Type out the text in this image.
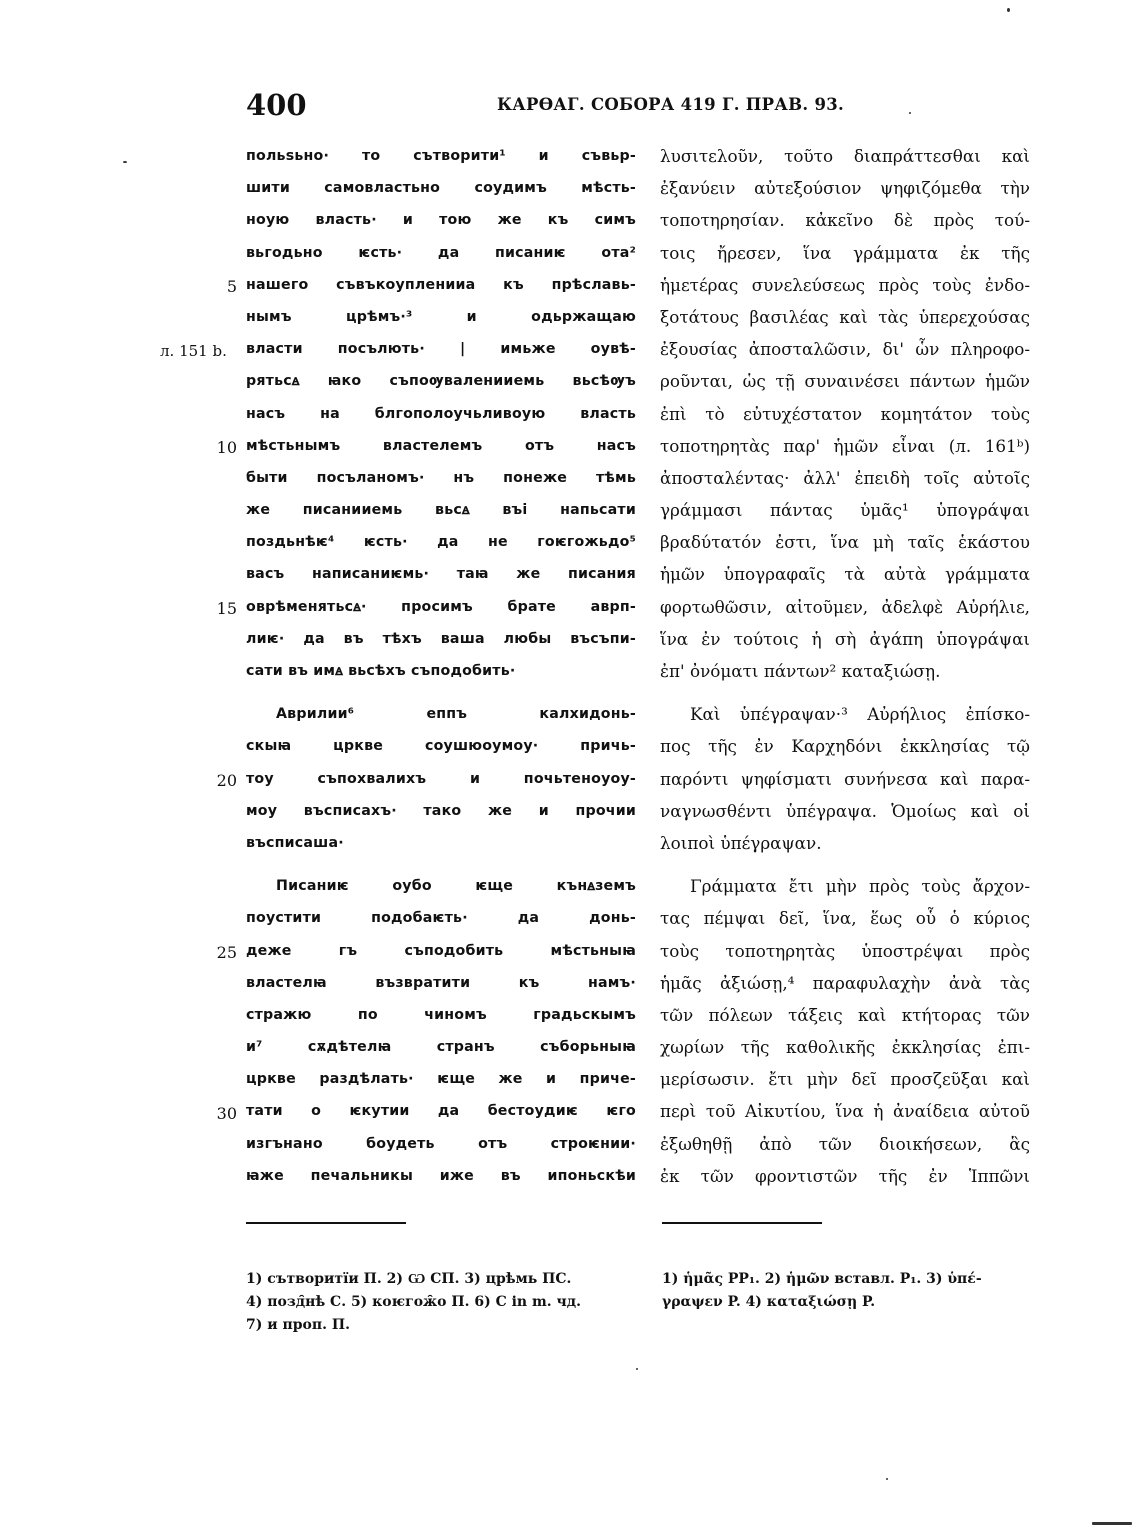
400	КАРѲАГ. СОБОРА 419 Г. ПРАВ. 93.
польѕьно· то сътворити¹ и съвьр-
шити самовластьно соудимъ мѣсть-
ноую власть· и тою же къ симъ
вьгодьно ѥсть· да писаниѥ ота²
нашего съвъкоупленииа къ прѣславь-
нымъ црѣмъ·³ и одьржащаю
власти посълють· | имьже оувѣ-
рятьсꙙ ꙗко съпоѹваленииемь вьсѣѹъ
насъ на блгополоучьливоую власть
мѣстьнымъ властелемъ отъ насъ
быти посъланомъ· нъ понеже тѣмь
же писанииемь вьсꙙ въі напьсати
поздьнѣѥ⁴ ѥсть· да не гоѥгожьдо⁵
васъ написаниѥмь· таꙗ же писания
оврѣменятьсꙙ· просимъ брате аврп-
лиѥ· да въ тѣхъ ваша любы въсъпи-
сати въ имꙙ вьсѣхъ съподобить·
Аврилии⁶ еппъ калхидонь-
скыꙗ цркве соушюоумоу· причь-
тоу съпохвалихъ и почьтеноуоу-
моу въсписахъ· тако же и прочии
въсписаша·
Писаниѥ оубо ѥще кънꙙземъ
поустити подобаѥть· да донь-
деже гъ съподобить мѣстьныꙗ
властелꙗ възвратити къ намъ·
стражю по чиномъ градьскымъ
и⁷ сѫдѣтелꙗ странъ съборьныꙗ
цркве раздѣлать· ѥще же и приче-
тати о ѥкутии да бестоудиѥ ѥго
изгънано боудеть отъ строѥнии·
ꙗже печальникы иже въ ипоньскѣи
5
10
15
20
25
30
л. 151 b.
λυσιτελοῦν, τοῦτο διαπράττεσθαι καὶ
ἐξανύειν αὐτεξούσιον ψηφιζόμεθα τὴν
τοποτηρησίαν. κἀκεῖνο δὲ πρὸς τού-
τοις ἤρεσεν, ἵνα γράμματα ἐκ τῆς
ἡμετέρας συνελεύσεως πρὸς τοὺς ἐνδο-
ξοτάτους βασιλέας καὶ τὰς ὑπερεχούσας
ἐξουσίας ἀποσταλῶσιν, δι' ὧν πληροφο-
ροῦνται, ὡς τῇ συναινέσει πάντων ἡμῶν
ἐπὶ τὸ εὐτυχέστατον κομητάτον τοὺς
τοποτηρητὰς παρ' ἡμῶν εἶναι (л. 161ᵇ)
ἀποσταλέντας· ἀλλ' ἐπειδὴ τοῖς αὐτοῖς
γράμμασι πάντας ὑμᾶς¹ ὑπογράψαι
βραδύτατόν ἐστι, ἵνα μὴ ταῖς ἑκάστου
ἡμῶν ὑπογραφαῖς τὰ αὐτὰ γράμματα
φορτωθῶσιν, αἰτοῦμεν, ἀδελφὲ Αὐρήλιε,
ἵνα ἐν τούτοις ἡ σὴ ἀγάπη ὑπογράψαι
ἐπ' ὀνόματι πάντων² καταξιώσῃ.
Καὶ ὑπέγραψαν·³ Αὐρήλιος ἐπίσκο-
πος τῆς ἐν Καρχηδόνι ἐκκλησίας τῷ
παρόντι ψηφίσματι συνήνεσα καὶ παρα-
ναγνωσθέντι ὑπέγραψα. Ὁμοίως καὶ οἱ
λοιποὶ ὑπέγραψαν.
Γράμματα ἔτι μὴν πρὸς τοὺς ἄρχον-
τας πέμψαι δεῖ, ἵνα, ἕως οὗ ὁ κύριος
τοὺς τοποτηρητὰς ὑποστρέψαι πρὸς
ἡμᾶς ἀξιώσῃ,⁴ παραφυλαχὴν ἀνὰ τὰς
τῶν πόλεων τάξεις καὶ κτήτορας τῶν
χωρίων τῆς καθολικῆς ἐκκλησίας ἐπι-
μερίσωσιν. ἔτι μὴν δεῖ προσζεῦξαι καὶ
περὶ τοῦ Αἰκυτίου, ἵνα ἡ ἀναίδεια αὐτοῦ
ἐξωθηθῇ ἀπὸ τῶν διοικήσεων, ἃς
ἐκ τῶν φροντιστῶν τῆς ἐν Ἱππῶνι
1) сътворитїи П. 2) Ѡ СП. 3) црѣмь ПС.
4) позд̑нѣ С. 5) коѥгож̑о П. 6) С in m. чд.
7) и проп. П.
1) ἡμᾶς PP₁. 2) ἡμῶν вставл. P₁. 3) ὑπέ-
γραψεν P. 4) καταξιώσῃ P.
